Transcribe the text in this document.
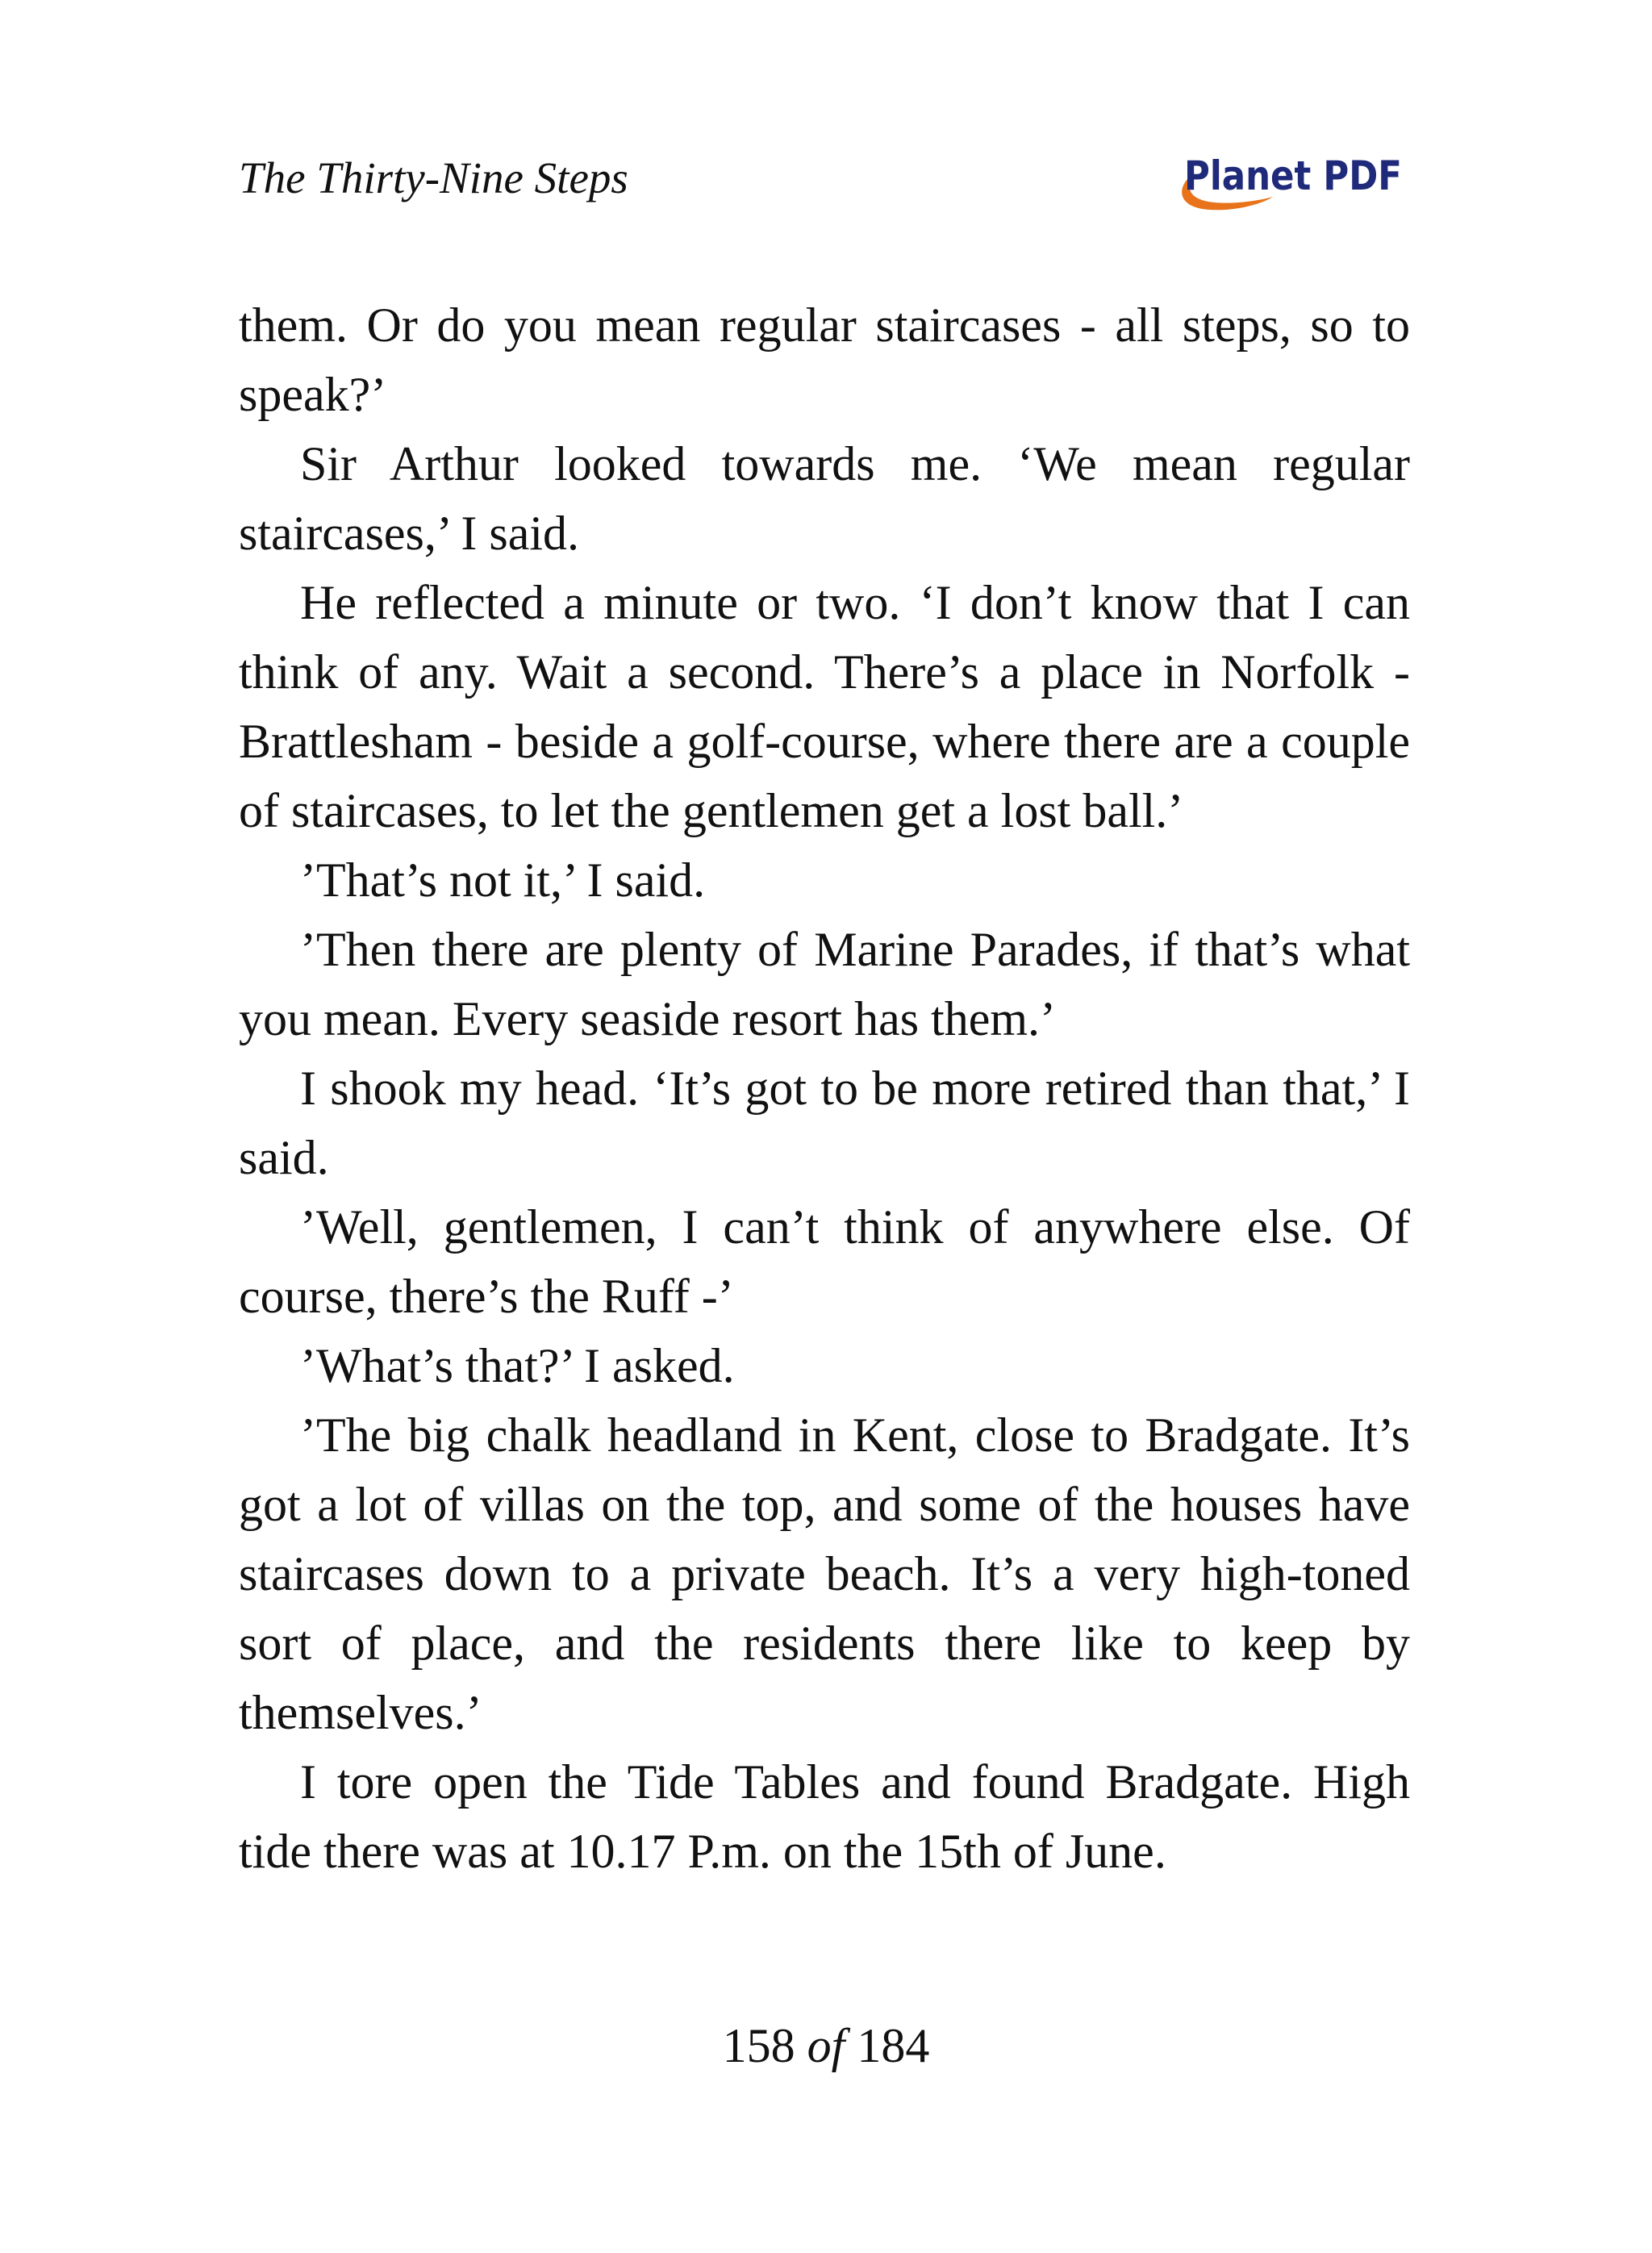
The Thirty-Nine Steps	Planet PDF

them. Or do you mean regular staircases - all steps, so to speak?’

Sir Arthur looked towards me. ‘We mean regular staircases,’ I said.

He reflected a minute or two. ‘I don’t know that I can think of any. Wait a second. There’s a place in Norfolk - Brattlesham - beside a golf-course, where there are a couple of staircases, to let the gentlemen get a lost ball.’

’That’s not it,’ I said.

’Then there are plenty of Marine Parades, if that’s what you mean. Every seaside resort has them.’

I shook my head. ‘It’s got to be more retired than that,’ I said.

’Well, gentlemen, I can’t think of anywhere else. Of course, there’s the Ruff -’

’What’s that?’ I asked.

’The big chalk headland in Kent, close to Bradgate. It’s got a lot of villas on the top, and some of the houses have staircases down to a private beach. It’s a very high-toned sort of place, and the residents there like to keep by themselves.’

I tore open the Tide Tables and found Bradgate. High tide there was at 10.17 P.m. on the 15th of June.

158 of 184
